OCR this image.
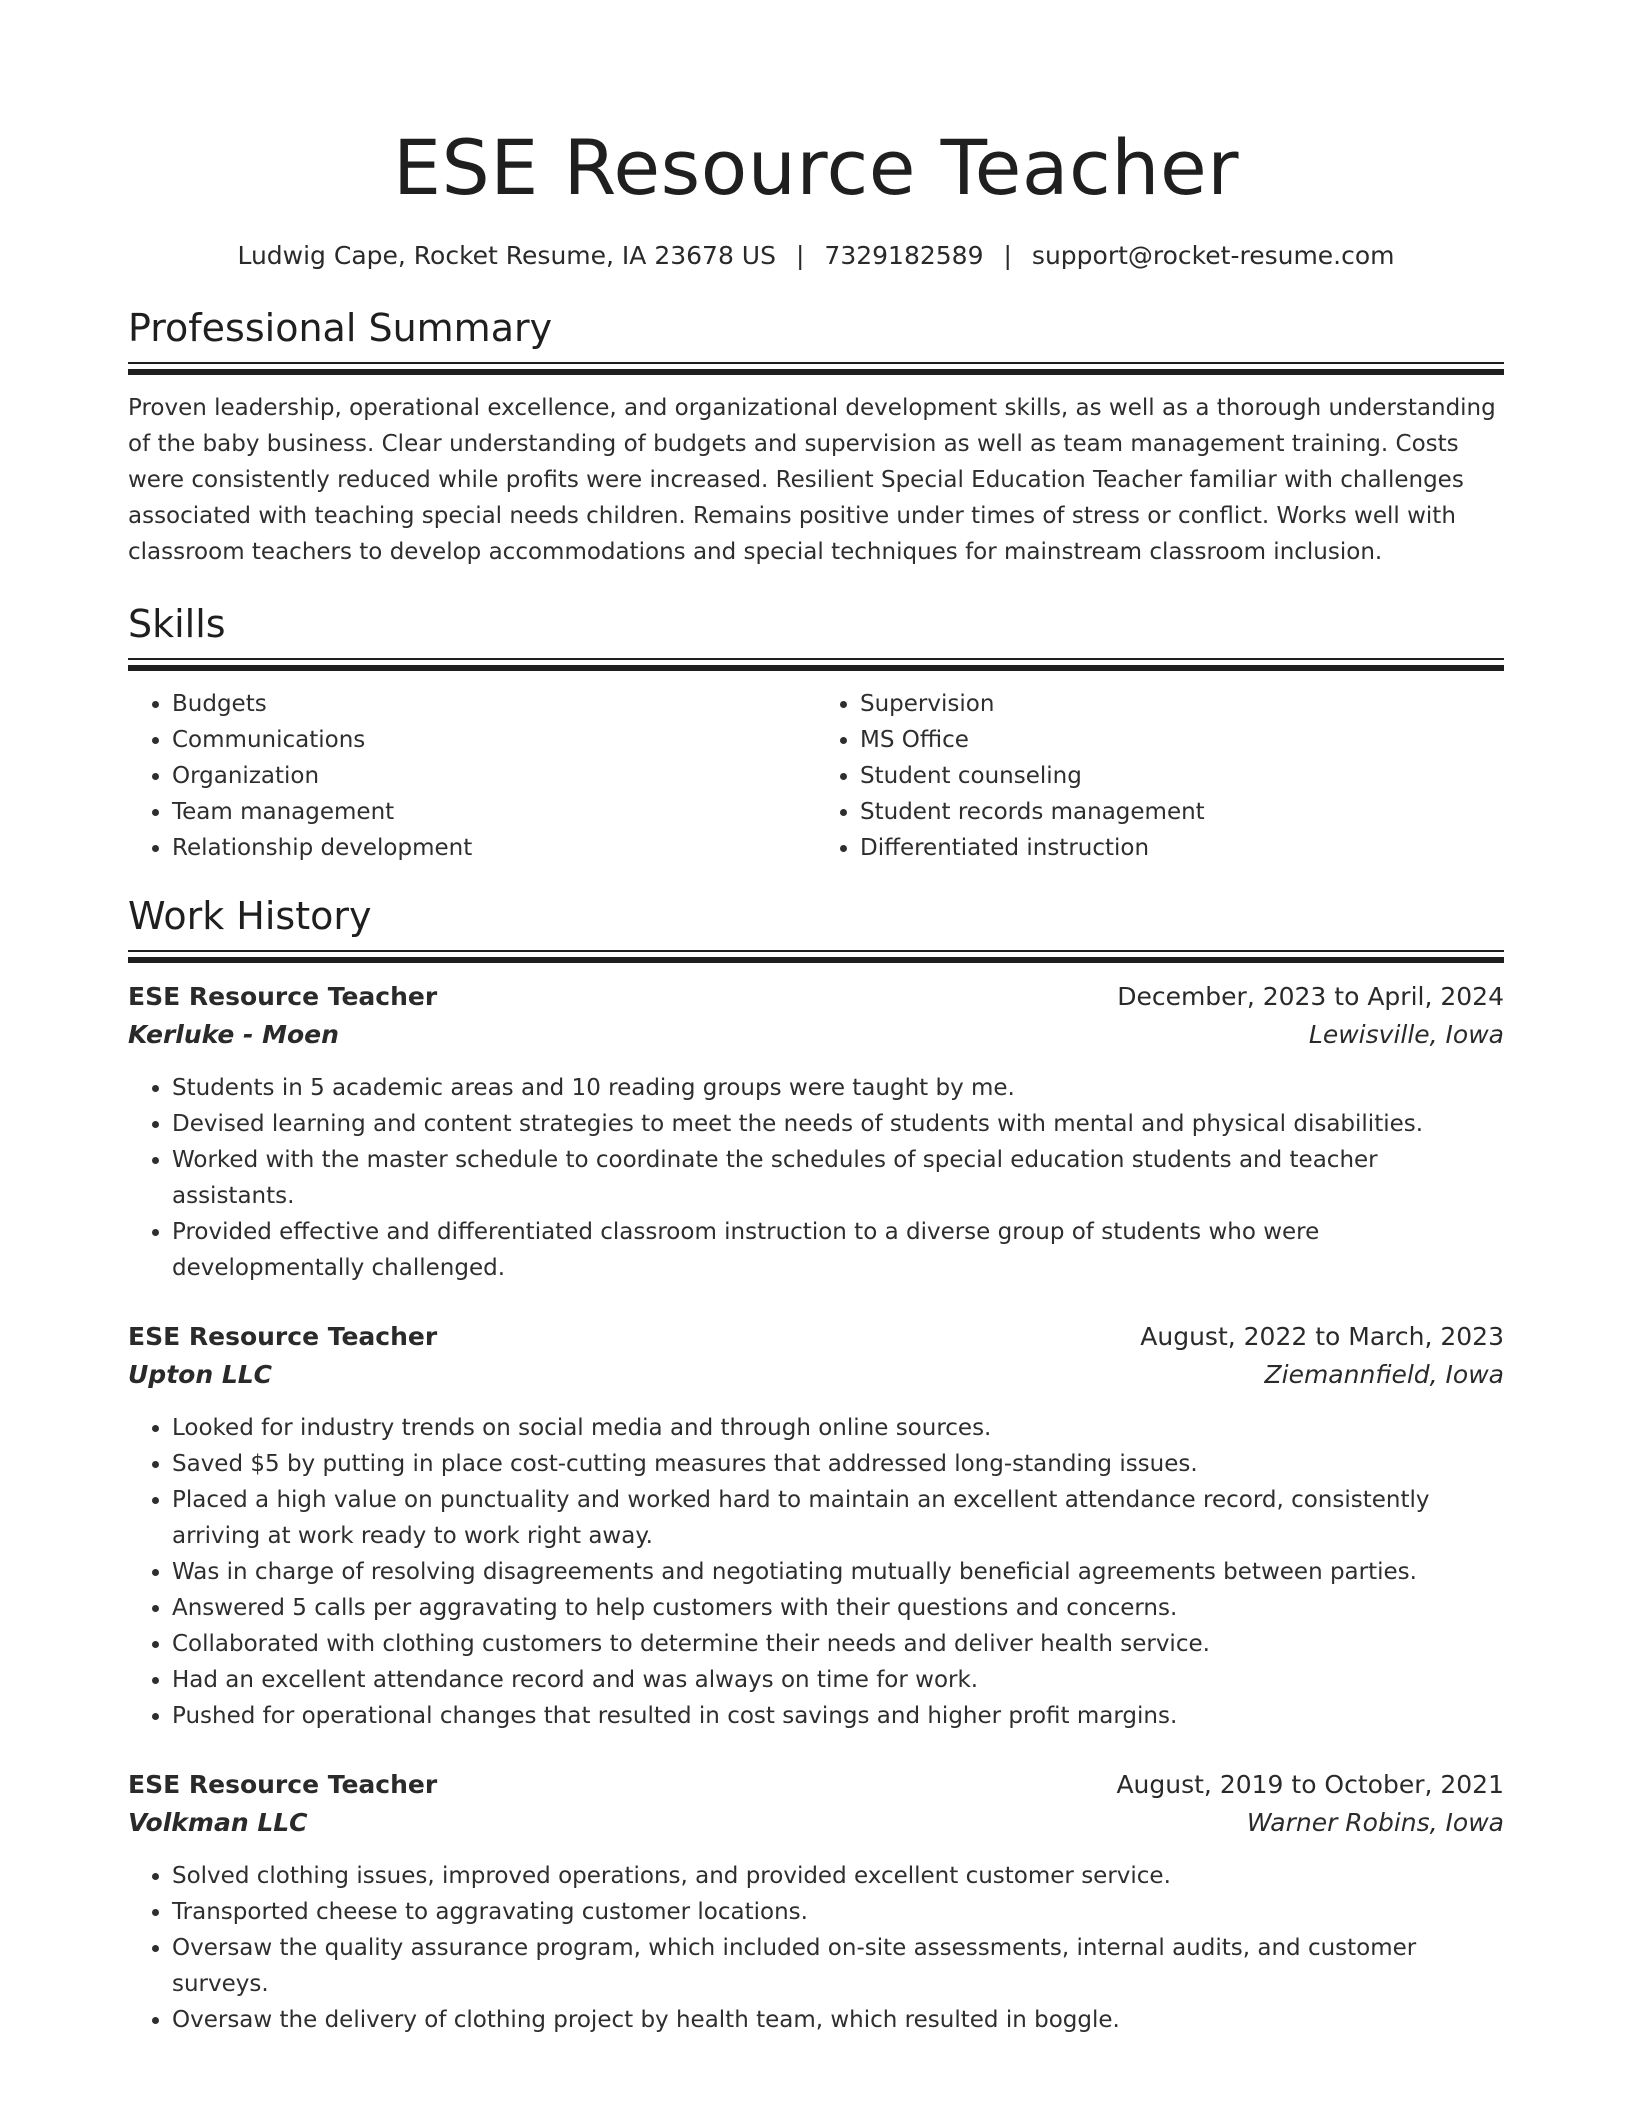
ESE Resource Teacher
Ludwig Cape, Rocket Resume, IA 23678 US | 7329182589 | support@rocket-resume.com
Professional Summary

Proven leadership, operational excellence, and organizational development skills, as well as a thorough understanding of the baby business. Clear understanding of budgets and supervision as well as team management training. Costs were consistently reduced while profits were increased. Resilient Special Education Teacher familiar with challenges associated with teaching special needs children. Remains positive under times of stress or conflict. Works well with classroom teachers to develop accommodations and special techniques for mainstream classroom inclusion.

Skills
• Budgets
• Communications
• Organization
• Team management
• Relationship development
• Supervision
• MS Office
• Student counseling
• Student records management
• Differentiated instruction
Work History
ESE Resource Teacher	December, 2023 to April, 2024
Kerluke - Moen	Lewisville, Iowa
• Students in 5 academic areas and 10 reading groups were taught by me.
• Devised learning and content strategies to meet the needs of students with mental and physical disabilities.
• Worked with the master schedule to coordinate the schedules of special education students and teacher assistants.
• Provided effective and differentiated classroom instruction to a diverse group of students who were developmentally challenged.
ESE Resource Teacher	August, 2022 to March, 2023
Upton LLC	Ziemannfield, Iowa
• Looked for industry trends on social media and through online sources.
• Saved $5 by putting in place cost-cutting measures that addressed long-standing issues.
• Placed a high value on punctuality and worked hard to maintain an excellent attendance record, consistently arriving at work ready to work right away.
• Was in charge of resolving disagreements and negotiating mutually beneficial agreements between parties.
• Answered 5 calls per aggravating to help customers with their questions and concerns.
• Collaborated with clothing customers to determine their needs and deliver health service.
• Had an excellent attendance record and was always on time for work.
• Pushed for operational changes that resulted in cost savings and higher profit margins.
ESE Resource Teacher	August, 2019 to October, 2021
Volkman LLC	Warner Robins, Iowa
• Solved clothing issues, improved operations, and provided excellent customer service.
• Transported cheese to aggravating customer locations.
• Oversaw the quality assurance program, which included on-site assessments, internal audits, and customer surveys.
• Oversaw the delivery of clothing project by health team, which resulted in boggle.
